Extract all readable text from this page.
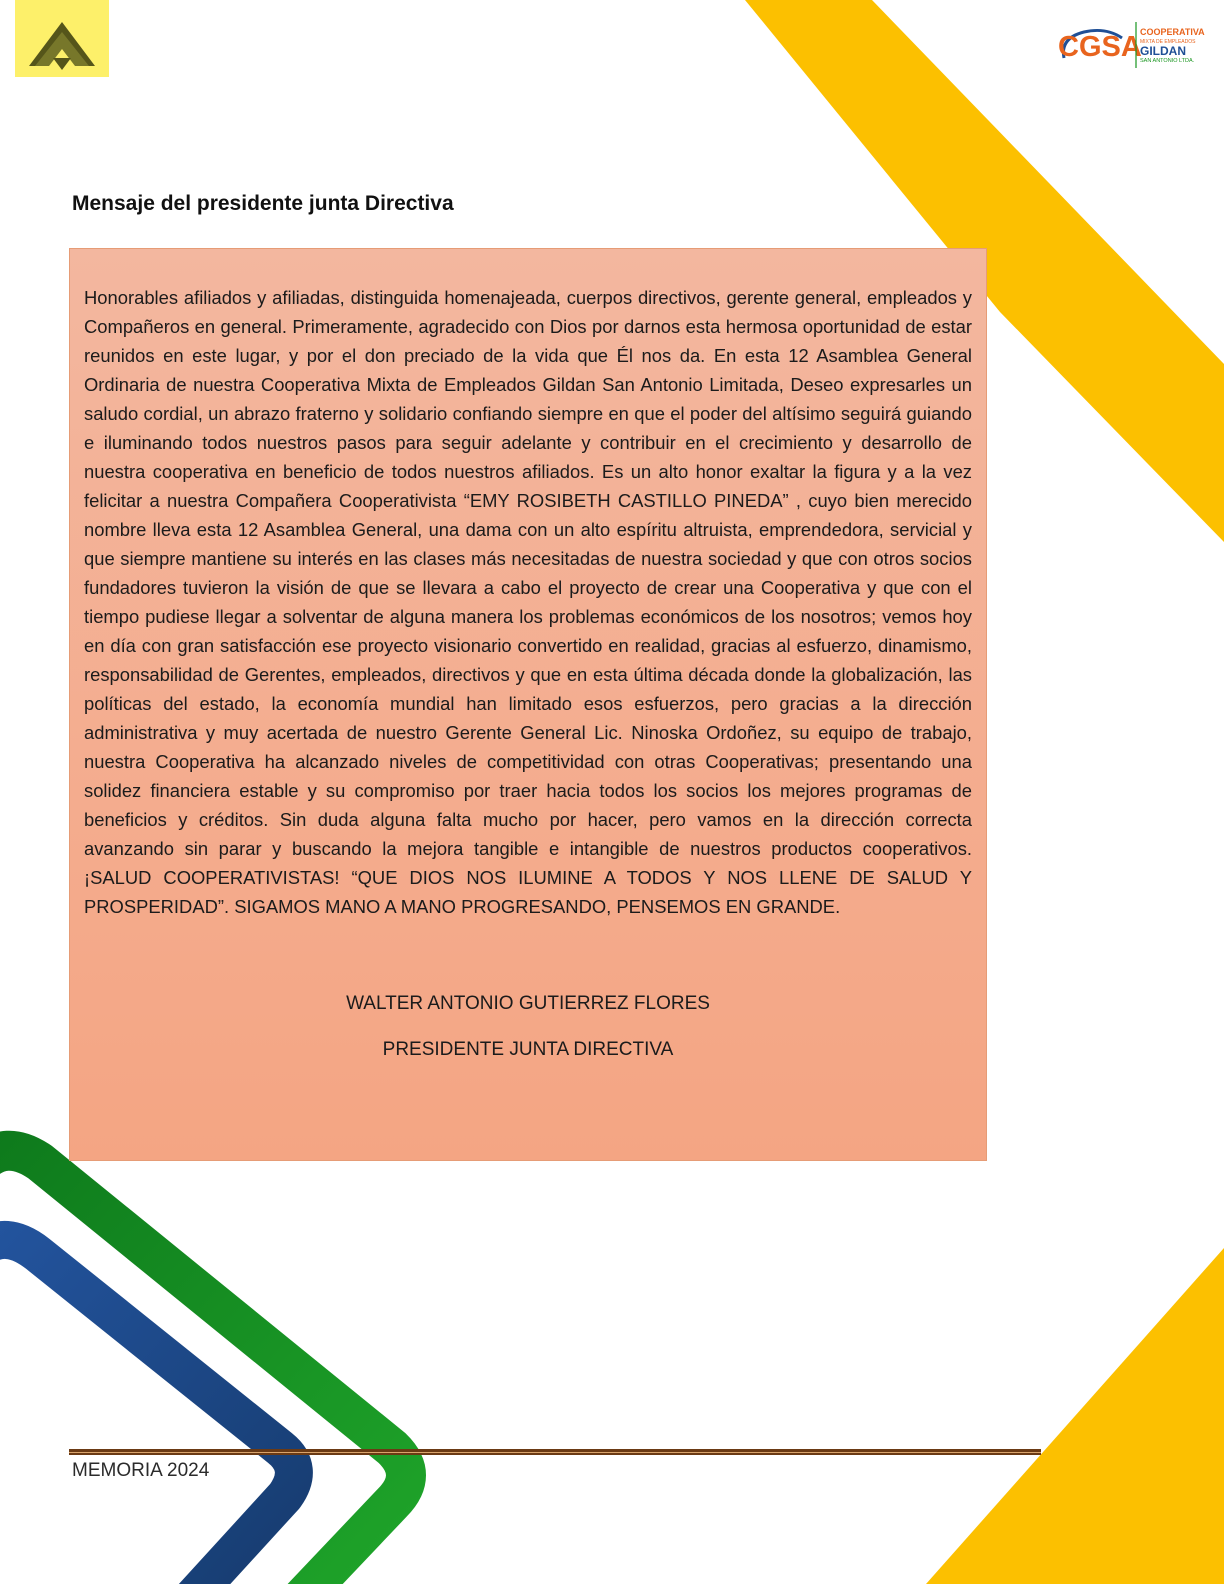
CGSA
COOPERATIVA
MIXTA DE EMPLEADOS
GILDAN
SAN ANTONIO LTDA.
Mensaje del presidente junta Directiva

Honorables afiliados y afiliadas, distinguida homenajeada, cuerpos directivos, gerente general, empleados y Compañeros en general. Primeramente, agradecido con Dios por darnos esta hermosa oportunidad de estar reunidos en este lugar, y por el don preciado de la vida que Él nos da. En esta 12 Asamblea General Ordinaria de nuestra Cooperativa Mixta de Empleados Gildan San Antonio Limitada, Deseo expresarles un saludo cordial, un abrazo fraterno y solidario confiando siempre en que el poder del altísimo seguirá guiando e iluminando todos nuestros pasos para seguir adelante y contribuir en el crecimiento y desarrollo de nuestra cooperativa en beneficio de todos nuestros afiliados. Es un alto honor exaltar la figura y a la vez felicitar a nuestra Compañera Cooperativista “EMY ROSIBETH CASTILLO PINEDA” , cuyo bien merecido nombre lleva esta 12 Asamblea General, una dama con un alto espíritu altruista, emprendedora, servicial y que siempre mantiene su interés en las clases más necesitadas de nuestra sociedad y que con otros socios fundadores tuvieron la visión de que se llevara a cabo el proyecto de crear una Cooperativa y que con el tiempo pudiese llegar a solventar de alguna manera los problemas económicos de los nosotros; vemos hoy en día con gran satisfacción ese proyecto visionario convertido en realidad, gracias al esfuerzo, dinamismo, responsabilidad de Gerentes, empleados, directivos y que en esta última década donde la globalización, las políticas del estado, la economía mundial han limitado esos esfuerzos, pero gracias a la dirección administrativa y muy acertada de nuestro Gerente General Lic. Ninoska Ordoñez, su equipo de trabajo, nuestra Cooperativa ha alcanzado niveles de competitividad con otras Cooperativas; presentando una solidez financiera estable y su compromiso por traer hacia todos los socios los mejores programas de beneficios y créditos. Sin duda alguna falta mucho por hacer, pero vamos en la dirección correcta avanzando sin parar y buscando la mejora tangible e intangible de nuestros productos cooperativos. ¡SALUD COOPERATIVISTAS! “QUE DIOS NOS ILUMINE A TODOS Y NOS LLENE DE SALUD Y PROSPERIDAD”. SIGAMOS MANO A MANO PROGRESANDO, PENSEMOS EN GRANDE.

WALTER ANTONIO GUTIERREZ FLORES
PRESIDENTE JUNTA DIRECTIVA
MEMORIA 2024
